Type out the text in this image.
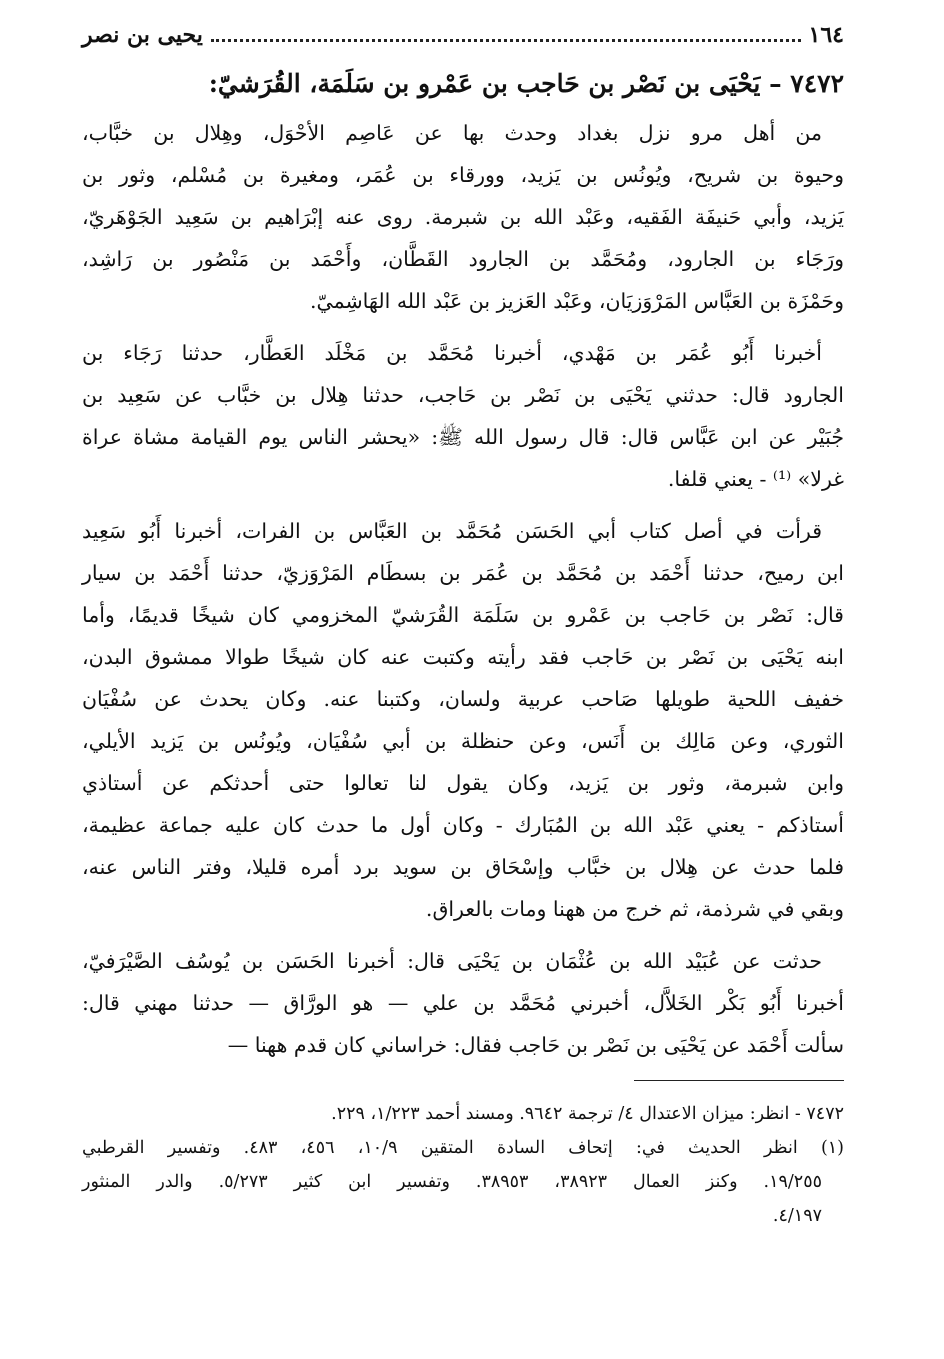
١٦٤
يحيى بن نصر
٧٤٧٢ – يَحْيَى بن نَصْر بن حَاجب بن عَمْرو بن سَلَمَة، القُرَشيّ:
من أهل مرو نزل بغداد وحدث بها عن عَاصِم الأحْوَل، وهِلال بن خبَّاب،
وحيوة بن شريح، ويُونُس بن يَزيد، وورقاء بن عُمَر، ومغيرة بن مُسْلم، وثور بن
يَزيد، وأبي حَنيفَة الفَقيه، وعَبْد الله بن شبرمة. روى عنه إبْرَاهيم بن سَعِيد الجَوْهَريّ،
ورَجَاء بن الجارود، ومُحَمَّد بن الجارود القَطَّان، وأَحْمَد بن مَنْصُور بن رَاشِد،
وحَمْزَة بن العَبَّاس المَرْوَزيَان، وعَبْد العَزيز بن عَبْد الله الهَاشِميّ.
أخبرنا أَبُو عُمَر بن مَهْدي، أخبرنا مُحَمَّد بن مَخْلَد العَطَّار، حدثنا رَجَاء بن
الجارود قال: حدثني يَحْيَى بن نَصْر بن حَاجب، حدثنا هِلال بن خبَّاب عن سَعِيد بن
جُبَيْر عن ابن عَبَّاس قال: قال رسول الله ﷺ: «يحشر الناس يوم القيامة مشاة عراة
غرلا» ⁽¹⁾ - يعني قلفا.
قرأت في أصل كتاب أبي الحَسَن مُحَمَّد بن العَبَّاس بن الفرات، أخبرنا أَبُو سَعِيد
ابن رميح، حدثنا أَحْمَد بن مُحَمَّد بن عُمَر بن بسطَام المَرْوَزيّ، حدثنا أَحْمَد بن سيار
قال: نَصْر بن حَاجب بن عَمْرو بن سَلَمَة القُرَشيّ المخزومي كان شيخًا قديمًا، وأما
ابنه يَحْيَى بن نَصْر بن حَاجب فقد رأيته وكتبت عنه كان شيخًا طوالا ممشوق البدن،
خفيف اللحية طويلها صَاحب عربية ولسان، وكتبنا عنه. وكان يحدث عن سُفْيَان
الثوري، وعن مَالِك بن أَنَس، وعن حنظلة بن أبي سُفْيَان، ويُونُس بن يَزيد الأيلي،
وابن شبرمة، وثور بن يَزيد، وكان يقول لنا تعالوا حتى أحدثكم عن أستاذي
أستاذكم - يعني عَبْد الله بن المُبَارك - وكان أول ما حدث كان عليه جماعة عظيمة،
فلما حدث عن هِلال بن خبَّاب وإسْحَاق بن سويد برد أمره قليلا، وفتر الناس عنه،
وبقي في شرذمة، ثم خرج من ههنا ومات بالعراق.
حدثت عن عُبَيْد الله بن عُثْمَان بن يَحْيَى قال: أخبرنا الحَسَن بن يُوسُف الصَّيْرَفيّ،
أخبرنا أَبُو بَكْر الخَلاَّل، أخبرني مُحَمَّد بن علي — هو الورَّاق — حدثنا مهني قال:
سألت أَحْمَد عن يَحْيَى بن نَصْر بن حَاجب فقال: خراساني كان قدم ههنا —
٧٤٧٢ - انظر: ميزان الاعتدال ٤/ ترجمة ٩٦٤٢. ومسند أحمد ١/٢٢٣، ٢٢٩.
(١) انظر الحديث في: إتحاف السادة المتقين ١٠/٩، ٤٥٦، ٤٨٣. وتفسير القرطبي
١٩/٢٥٥. وكنز العمال ٣٨٩٢٣، ٣٨٩٥٣. وتفسير ابن كثير ٥/٢٧٣. والدر المنثور
٤/١٩٧.
